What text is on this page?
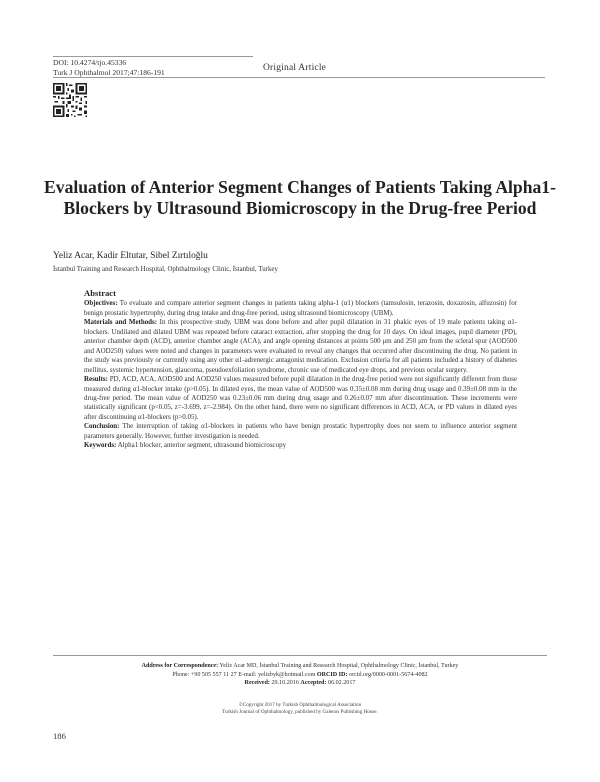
DOI: 10.4274/tjo.45336
Turk J Ophthalmol 2017;47:186-191	Original Article
Evaluation of Anterior Segment Changes of Patients Taking Alpha1-Blockers by Ultrasound Biomicroscopy in the Drug-free Period
Yeliz Acar, Kadir Eltutar, Sibel Zırtıloğlu
İstanbul Training and Research Hospital, Ophthalmology Clinic, İstanbul, Turkey
Abstract

Objectives: To evaluate and compare anterior segment changes in patients taking alpha-1 (α1) blockers (tamsulosin, terazosin, doxazosin, alfuzosin) for benign prostatic hypertrophy, during drug intake and drug-free period, using ultrasound biomicroscopy (UBM).

Materials and Methods: In this prospective study, UBM was done before and after pupil dilatation in 31 phakic eyes of 19 male patients taking α1-blockers. Undilated and dilated UBM was repeated before cataract extraction, after stopping the drug for 10 days. On ideal images, pupil diameter (PD), anterior chamber depth (ACD), anterior chamber angle (ACA), and angle opening distances at points 500 μm and 250 μm from the scleral spur (AOD500 and AOD250) values were noted and changes in parameters were evaluated to reveal any changes that occurred after discontinuing the drug. No patient in the study was previously or currently using any other α1-adrenergic antagonist medication. Exclusion criteria for all patients included a history of diabetes mellitus, systemic hypertension, glaucoma, pseudoexfoliation syndrome, chronic use of medicated eye drops, and previous ocular surgery.

Results: PD, ACD, ACA, AOD500 and AOD250 values measured before pupil dilatation in the drug-free period were not significantly different from those measured during α1-blocker intake (p>0.05). In dilated eyes, the mean value of AOD500 was 0.35±0.08 mm during drug usage and 0.39±0.08 mm in the drug-free period. The mean value of AOD250 was 0.23±0.06 mm during drug usage and 0.26±0.07 mm after discontinuation. These increments were statistically significant (p<0.05, z=-3.699, z=-2.984). On the other hand, there were no significant differences in ACD, ACA, or PD values in dilated eyes after discontinuing α1-blockers (p>0.05).

Conclusion: The interruption of taking α1-blockers in patients who have benign prostatic hypertrophy does not seem to influence anterior segment parameters generally. However, further investigation is needed.

Keywords: Alpha1 blocker, anterior segment, ultrasound biomicroscopy

Address for Correspondence: Yeliz Acar MD, İstanbul Training and Research Hospital, Ophthalmology Clinic, İstanbul, Turkey
Phone: +90 505 557 11 27 E-mail: yelizbyk@hotmail.com ORCID ID: orcid.org/0000-0001-5674-4082
Received: 29.10.2016 Accepted: 06.02.2017
©Copyright 2017 by Turkish Ophthalmological Association
Turkish Journal of Ophthalmology, published by Galenos Publishing House.
186
